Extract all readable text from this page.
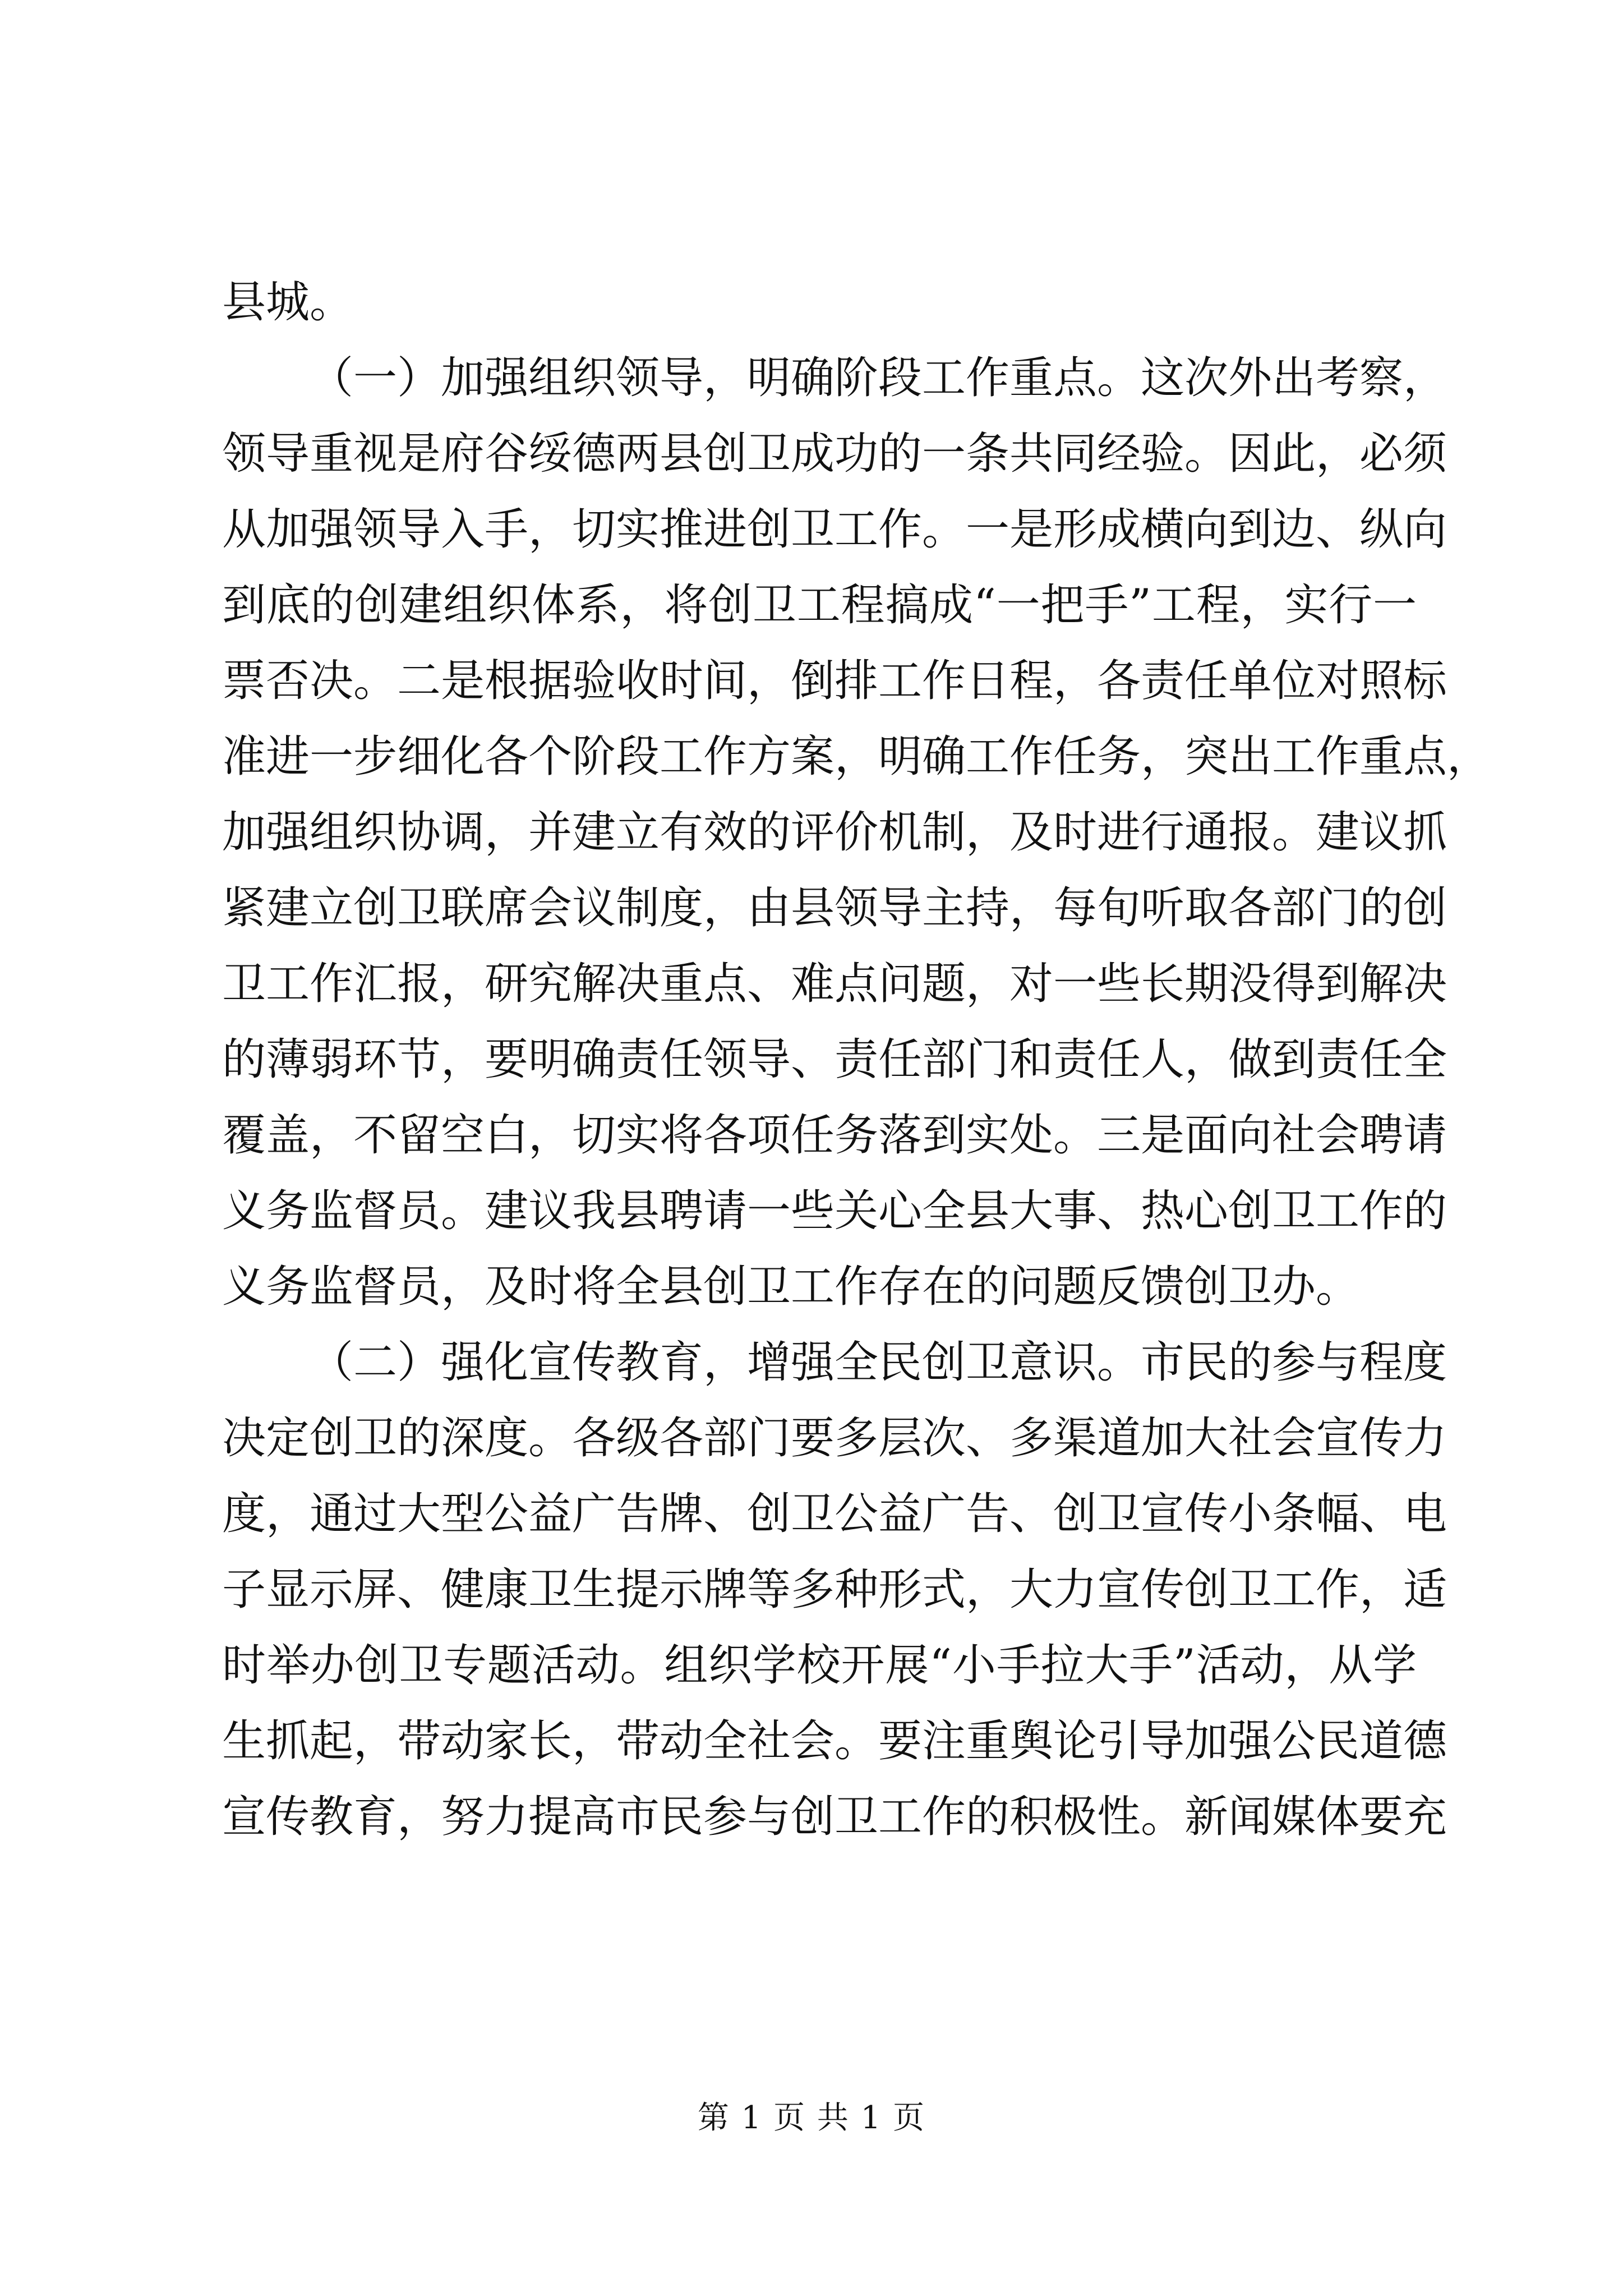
县城。
（一）加强组织领导，明确阶段工作重点。这次外出考察，
领导重视是府谷绥德两县创卫成功的一条共同经验。因此，必须
从加强领导入手，切实推进创卫工作。一是形成横向到边、纵向
到底的创建组织体系，将创卫工程搞成“一把手”工程，实行一
票否决。二是根据验收时间，倒排工作日程，各责任单位对照标
准进一步细化各个阶段工作方案，明确工作任务，突出工作重点，
加强组织协调，并建立有效的评价机制，及时进行通报。建议抓
紧建立创卫联席会议制度，由县领导主持，每旬听取各部门的创
卫工作汇报，研究解决重点、难点问题，对一些长期没得到解决
的薄弱环节，要明确责任领导、责任部门和责任人，做到责任全
覆盖，不留空白，切实将各项任务落到实处。三是面向社会聘请
义务监督员。建议我县聘请一些关心全县大事、热心创卫工作的
义务监督员，及时将全县创卫工作存在的问题反馈创卫办。
（二）强化宣传教育，增强全民创卫意识。市民的参与程度
决定创卫的深度。各级各部门要多层次、多渠道加大社会宣传力
度，通过大型公益广告牌、创卫公益广告、创卫宣传小条幅、电
子显示屏、健康卫生提示牌等多种形式，大力宣传创卫工作，适
时举办创卫专题活动。组织学校开展“小手拉大手”活动，从学
生抓起，带动家长，带动全社会。要注重舆论引导加强公民道德
宣传教育，努力提高市民参与创卫工作的积极性。新闻媒体要充
第 1 页 共 1 页
